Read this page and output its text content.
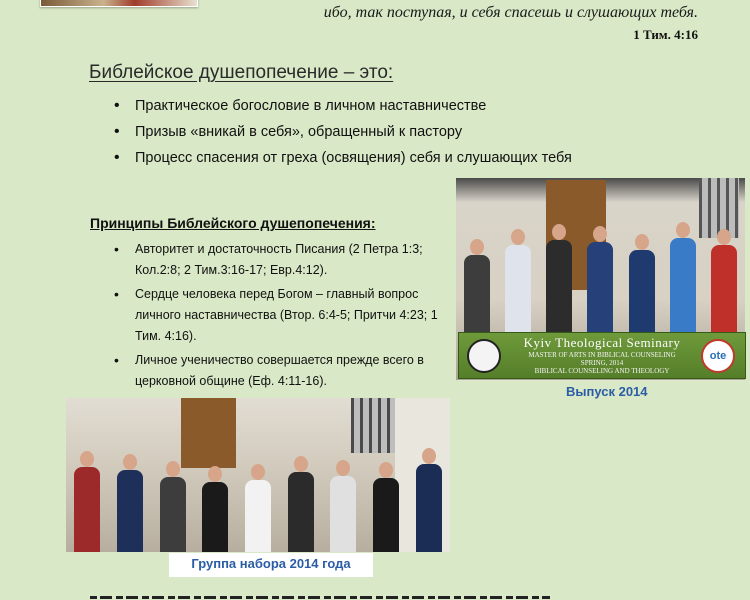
ибо, так поступая, и себя спасешь и слушающих тебя.
1 Тим. 4:16
Библейское душепопечение – это:
• Практическое богословие в личном наставничестве
• Призыв «вникай в себя», обращенный к пастору
• Процесс спасения от греха (освящения) себя и слушающих тебя
Принципы Библейского душепопечения:
• Авторитет и достаточность Писания (2 Петра 1:3; Кол.2:8; 2 Тим.3:16-17; Евр.4:12).
• Сердце человека перед Богом – главный вопрос личного наставничества (Втор. 6:4-5; Притчи 4:23; 1 Тим. 4:16).
• Личное ученичество совершается прежде всего в церковной общине (Еф. 4:11-16).
Kyiv Theological Seminary
MASTER OF ARTS IN BIBLICAL COUNSELING
SPRING, 2014
BIBLICAL COUNSELING AND THEOLOGY
ote
Выпуск 2014
Группа набора 2014 года
